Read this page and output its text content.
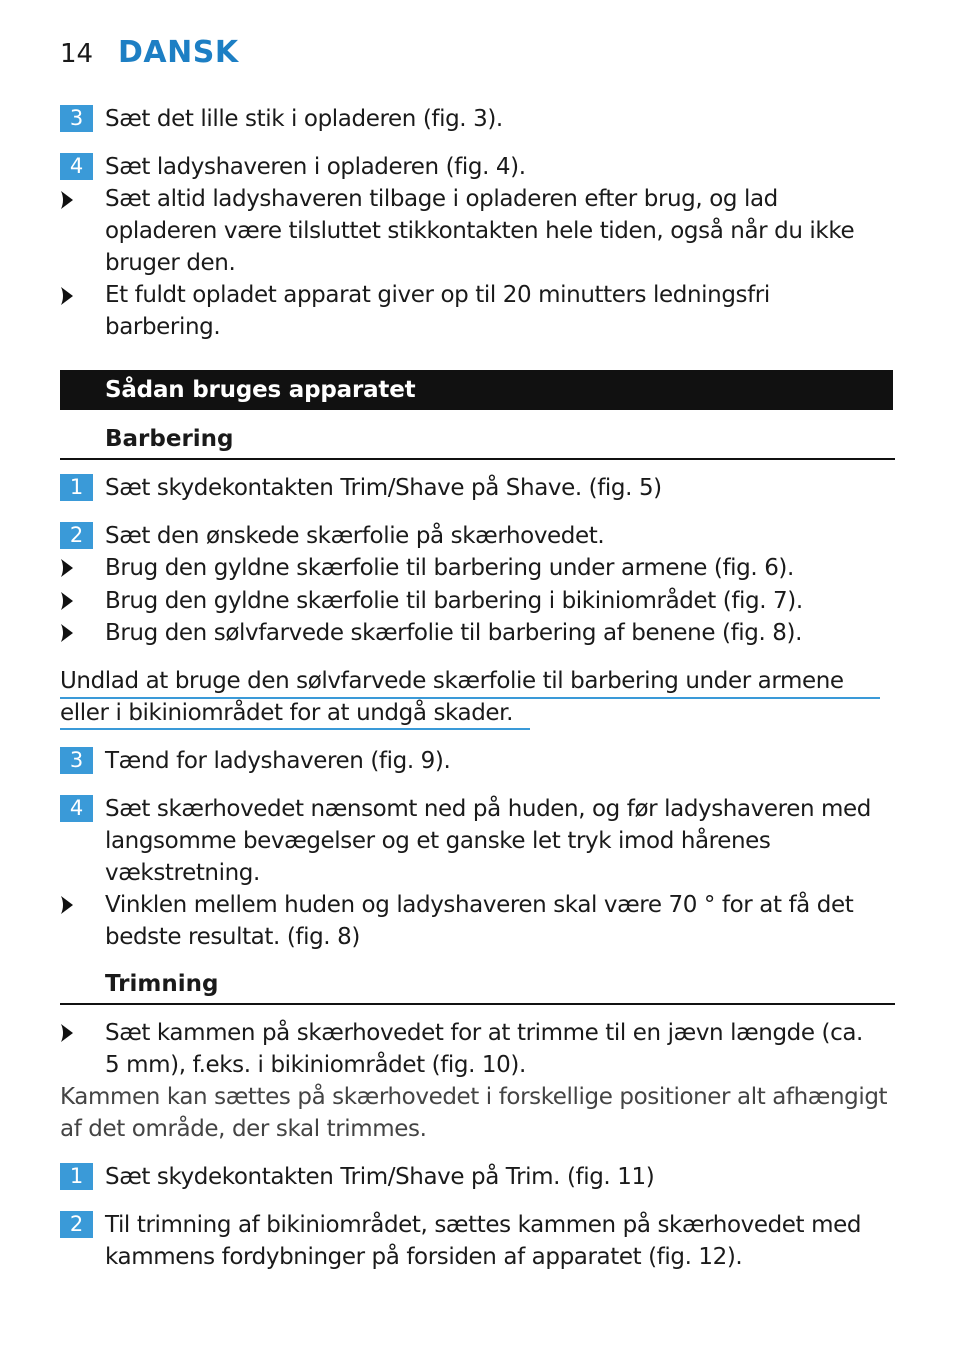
14 DANSK
3 Sæt det lille stik i opladeren (fig. 3).
4 Sæt ladyshaveren i opladeren (fig. 4).
Sæt altid ladyshaveren tilbage i opladeren efter brug, og lad
opladeren være tilsluttet stikkontakten hele tiden, også når du ikke
bruger den.
Et fuldt opladet apparat giver op til 20 minutters ledningsfri
barbering.
Sådan bruges apparatet
Barbering
1 Sæt skydekontakten Trim/Shave på Shave. (fig. 5)
2 Sæt den ønskede skærfolie på skærhovedet.
Brug den gyldne skærfolie til barbering under armene (fig. 6).
Brug den gyldne skærfolie til barbering i bikiniområdet (fig. 7).
Brug den sølvfarvede skærfolie til barbering af benene (fig. 8).
Undlad at bruge den sølvfarvede skærfolie til barbering under armene
eller i bikiniområdet for at undgå skader.
3 Tænd for ladyshaveren (fig. 9).
4 Sæt skærhovedet nænsomt ned på huden, og før ladyshaveren med
langsomme bevægelser og et ganske let tryk imod hårenes
vækstretning.
Vinklen mellem huden og ladyshaveren skal være 70 ° for at få det
bedste resultat. (fig. 8)
Trimning
Sæt kammen på skærhovedet for at trimme til en jævn længde (ca.
5 mm), f.eks. i bikiniområdet (fig. 10).
Kammen kan sættes på skærhovedet i forskellige positioner alt afhængigt
af det område, der skal trimmes.
1 Sæt skydekontakten Trim/Shave på Trim. (fig. 11)
2 Til trimning af bikiniområdet, sættes kammen på skærhovedet med
kammens fordybninger på forsiden af apparatet (fig. 12).
